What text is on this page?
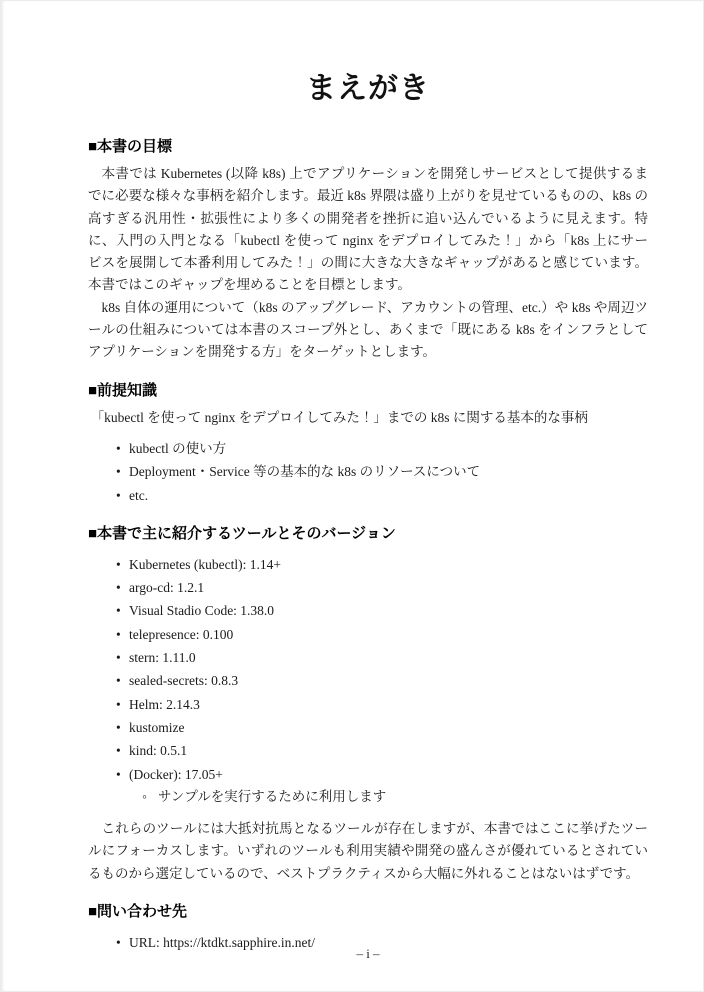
まえがき
■本書の目標

本書では Kubernetes (以降 k8s) 上でアプリケーションを開発しサービスとして提供するまでに必要な様々な事柄を紹介します。最近 k8s 界隈は盛り上がりを見せているものの、k8s の高すぎる汎用性・拡張性により多くの開発者を挫折に追い込んでいるように見えます。特に、入門の入門となる「kubectl を使って nginx をデプロイしてみた！」から「k8s 上にサービスを展開して本番利用してみた！」の間に大きな大きなギャップがあると感じています。本書ではこのギャップを埋めることを目標とします。

k8s 自体の運用について（k8s のアップグレード、アカウントの管理、etc.）や k8s や周辺ツールの仕組みについては本書のスコープ外とし、あくまで「既にある k8s をインフラとしてアプリケーションを開発する方」をターゲットとします。

■前提知識

「kubectl を使って nginx をデプロイしてみた！」までの k8s に関する基本的な事柄

• kubectl の使い方
• Deployment・Service 等の基本的な k8s のリソースについて
• etc.
■本書で主に紹介するツールとそのバージョン
• Kubernetes (kubectl): 1.14+
• argo-cd: 1.2.1
• Visual Stadio Code: 1.38.0
• telepresence: 0.100
• stern: 1.11.0
• sealed-secrets: 0.8.3
• Helm: 2.14.3
• kustomize
• kind: 0.5.1
• (Docker): 17.05+
◦ サンプルを実行するために利用します

これらのツールには大抵対抗馬となるツールが存在しますが、本書ではここに挙げたツールにフォーカスします。いずれのツールも利用実績や開発の盛んさが優れているとされているものから選定しているので、ベストプラクティスから大幅に外れることはないはずです。

■問い合わせ先
• URL: https://ktdkt.sapphire.in.net/
– i –
